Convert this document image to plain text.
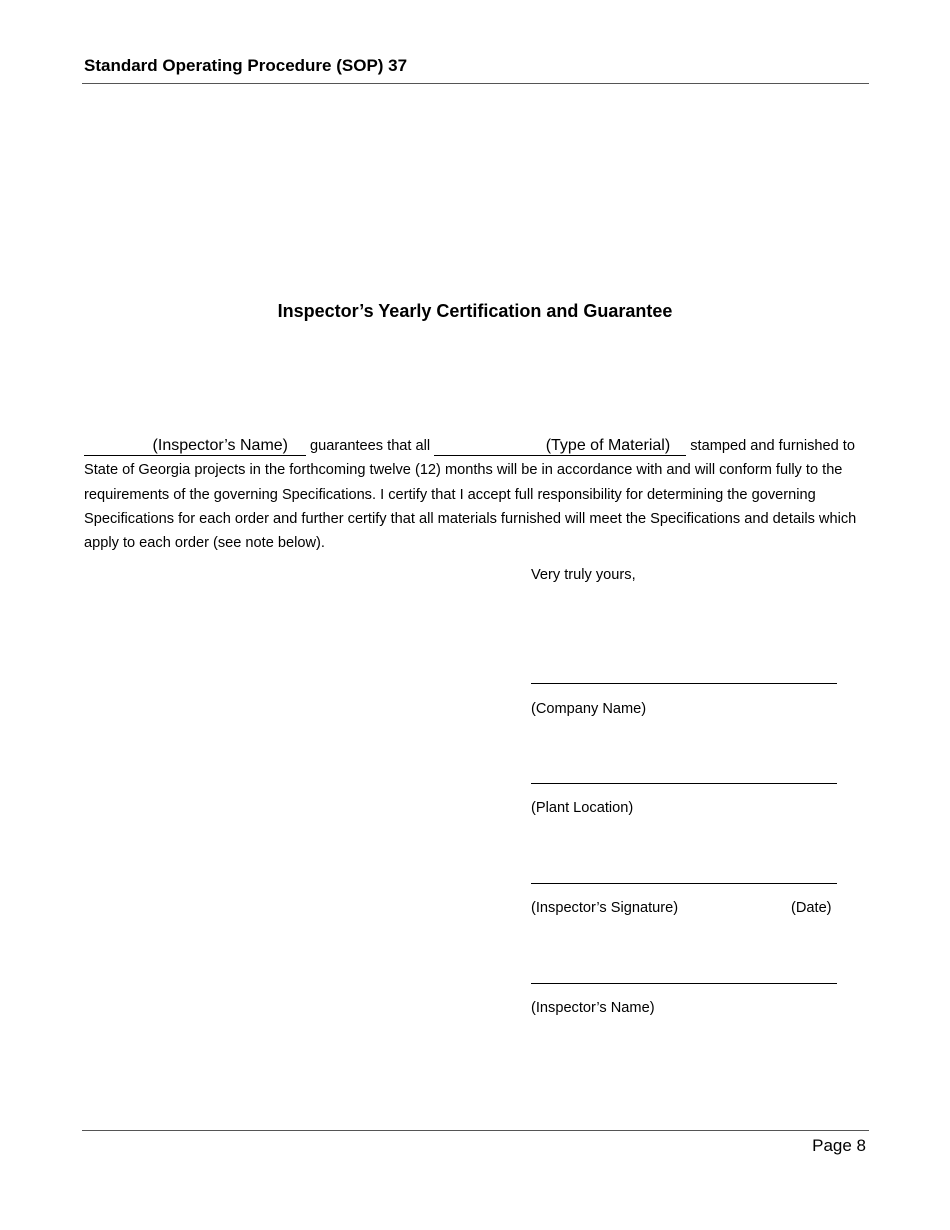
Standard Operating Procedure (SOP) 37
Inspector’s Yearly Certification and Guarantee
(Inspector’s Name) guarantees that all	(Type of Material) stamped and furnished to State of Georgia projects in the forthcoming twelve (12) months will be in accordance with and will conform fully to the requirements of the governing Specifications. I certify that I accept full responsibility for determining the governing Specifications for each order and further certify that all materials furnished will meet the Specifications and details which apply to each order (see note below).
Very truly yours,
(Company Name)
(Plant Location)
(Inspector’s Signature)	(Date)
(Inspector’s Name)
Page 8
